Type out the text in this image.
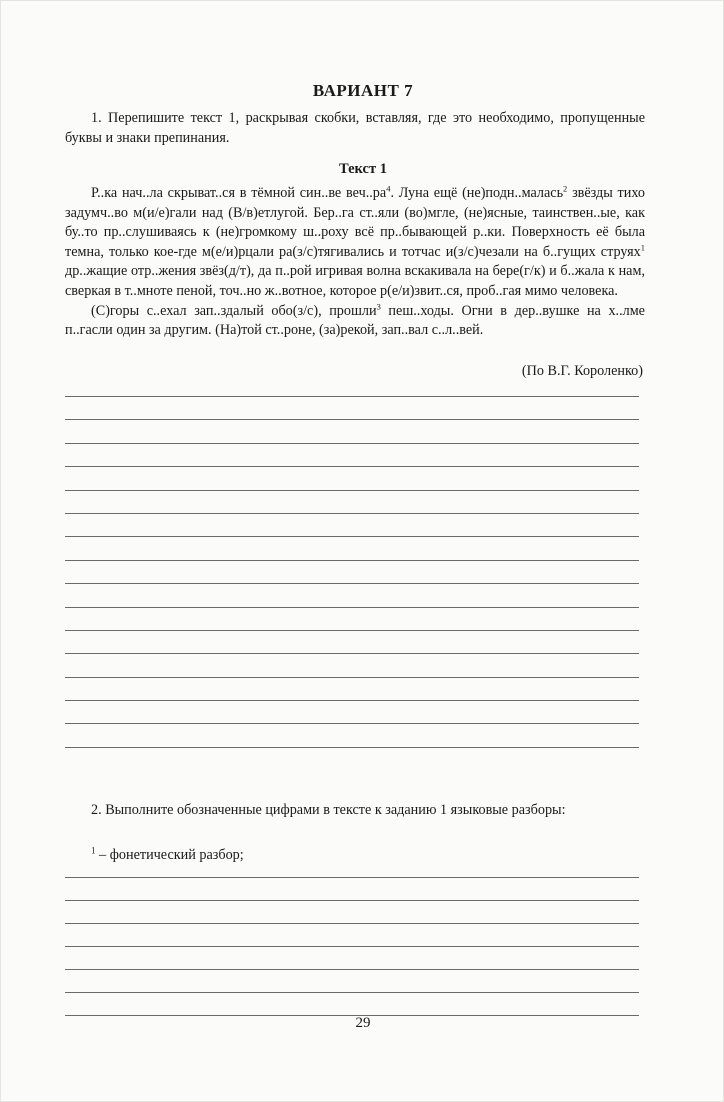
ВАРИАНТ 7
1. Перепишите текст 1, раскрывая скобки, вставляя, где это необходимо, пропущенные буквы и знаки препинания.
Текст 1

Р..ка нач..ла скрыват..ся в тёмной син..ве $веч..ра^4$. Луна ещё (не)подн..малась$^2$ звёзды тихо задумч..во м(и/е)гали над (В/в)етлугой. Бер..га ст..яли (во)мгле, (не)ясные, таинствен..ые, как бу..то пр..слушиваясь к (не)громкому ш..роху всё пр..бывающей р..ки. Поверхность её была темна, только кое-где м(е/и)рцали ра(з/с)тягивались и тотчас и(з/с)чезали на б..гущих струях$^1$ др..жащие отр..жения звёз(д/т), да п..рой игривая волна вскакивала на бере(г/к) и б..жала к нам, сверкая в т..мноте пеной, точ..но ж..вотное, которое р(е/и)звит..ся, проб..гая мимо человека.

(С)горы с..ехал зап..здалый обо(з/с), прошли$^3$ пеш..ходы. Огни в дер..вушке на х..лме п..гасли один за другим. (На)той ст..роне, (за)рекой, зап..вал с..л..вей.

(По В.Г. Короленко)
2. Выполните обозначенные цифрами в тексте к заданию 1 языковые разборы:
$^1$ – фонетический разбор;
29
